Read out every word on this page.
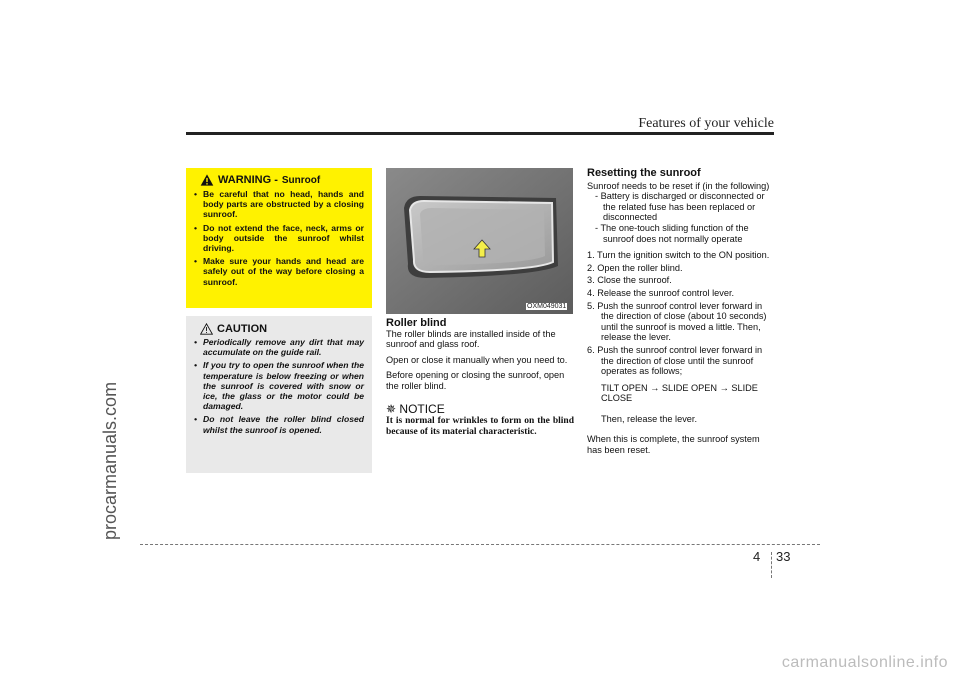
Features of your vehicle
procarmanuals.com
WARNING - Sunroof
• Be careful that no head, hands and body parts are obstructed by a closing sunroof.
• Do not extend the face, neck, arms or body outside the sunroof whilst driving.
• Make sure your hands and head are safely out of the way before closing a sunroof.
CAUTION
• Periodically remove any dirt that may accumulate on the guide rail.
• If you try to open the sunroof when the temperature is below freezing or when the sunroof is covered with snow or ice, the glass or the motor could be damaged.
• Do not leave the roller blind closed whilst the sunroof is opened.
OXM049031

Roller blind

The roller blinds are installed inside of the sunroof and glass roof.

Open or close it manually when you need to.

Before opening or closing the sunroof, open the roller blind.

✵ NOTICE

It is normal for wrinkles to form on the blind because of its material characteristic.

Resetting the sunroof

Sunroof needs to be reset if (in the following)

- Battery is discharged or disconnected or the related fuse has been replaced or disconnected
- The one-touch sliding function of the sunroof does not normally operate
1. Turn the ignition switch to the ON position.
2. Open the roller blind.
3. Close the sunroof.
4. Release the sunroof control lever.
5. Push the sunroof control lever forward in the direction of close (about 10 seconds) until the sunroof is moved a little. Then, release the lever.
6. Push the sunroof control lever forward in the direction of close until the sunroof operates as follows;

TILT OPEN → SLIDE OPEN → SLIDE CLOSE

Then, release the lever.

When this is complete, the sunroof system has been reset.

4 33
carmanualsonline.info
